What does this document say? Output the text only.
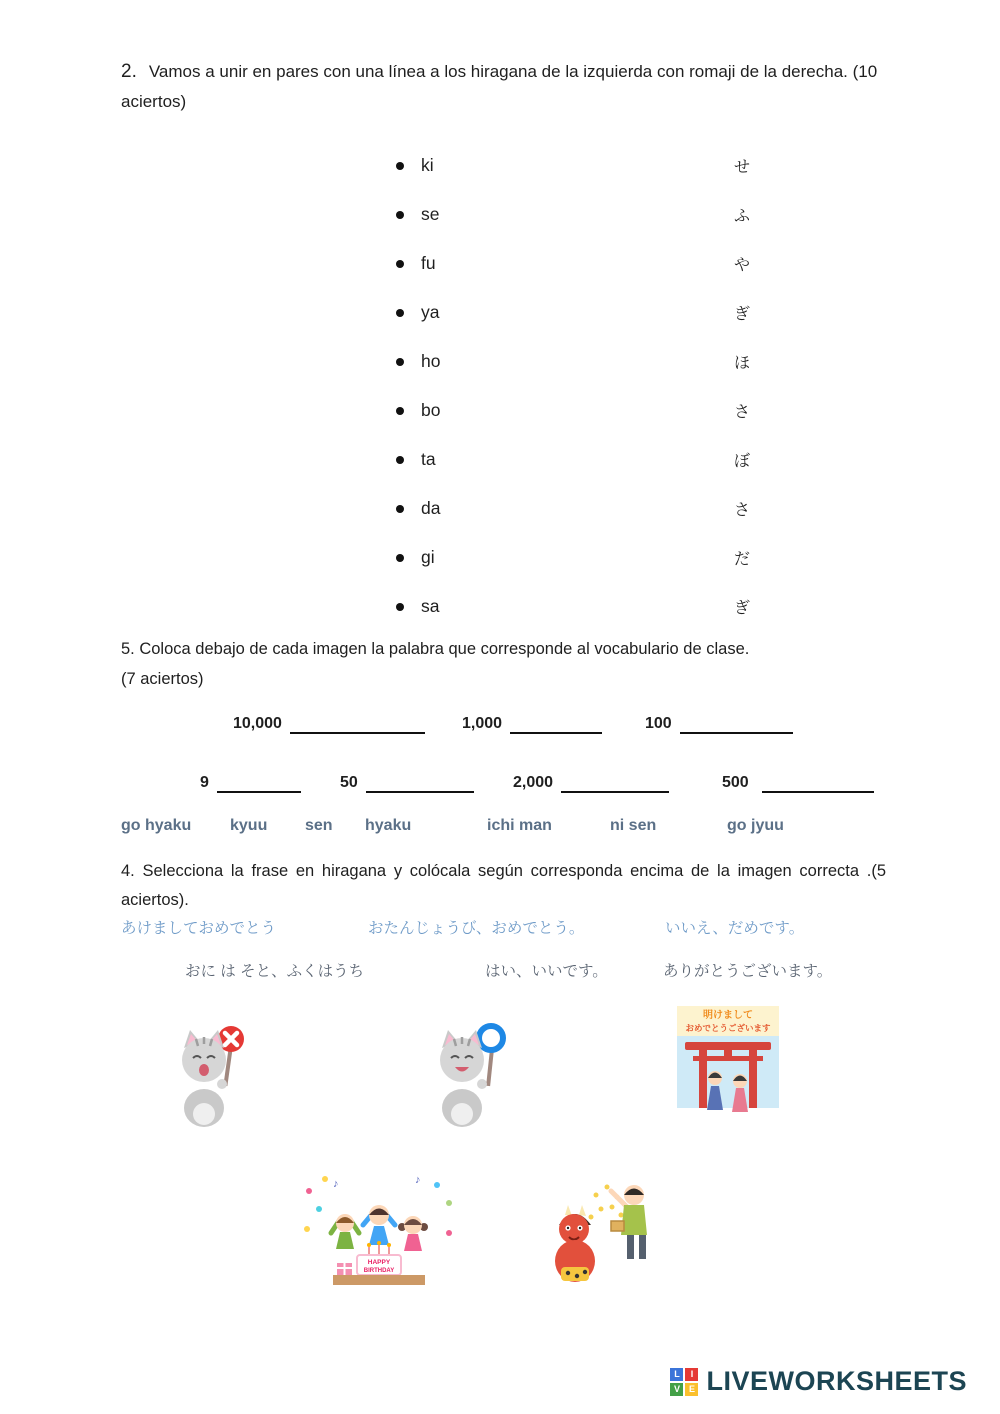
2. Vamos a unir en pares con una línea a los hiragana de la izquierda con romaji de la derecha. (10 aciertos)
ki	せ
se	ふ
fu	や
ya	ぎ
ho	ほ
bo	さ
ta	ぼ
da	さ
gi	だ
sa	ぎ
5. Coloca debajo de cada imagen la palabra que corresponde al vocabulario de clase.
(7 aciertos)
10,000	1,000	100
9	50	2,000	500
go hyaku kyuu sen hyaku	ichi man	ni sen	go jyuu
4. Selecciona la frase en hiragana y colócala según corresponda encima de la imagen correcta .(5 aciertos).
あけましておめでとう	おたんじょうび、おめでとう。	いいえ、だめです。
おに は そと、ふくはうち	はい、いいです。	ありがとうございます。
明けまして
おめでとうございます
♪	♪
HAPPY
BIRTHDAY
L	I
V E LIVEWORKSHEETS
